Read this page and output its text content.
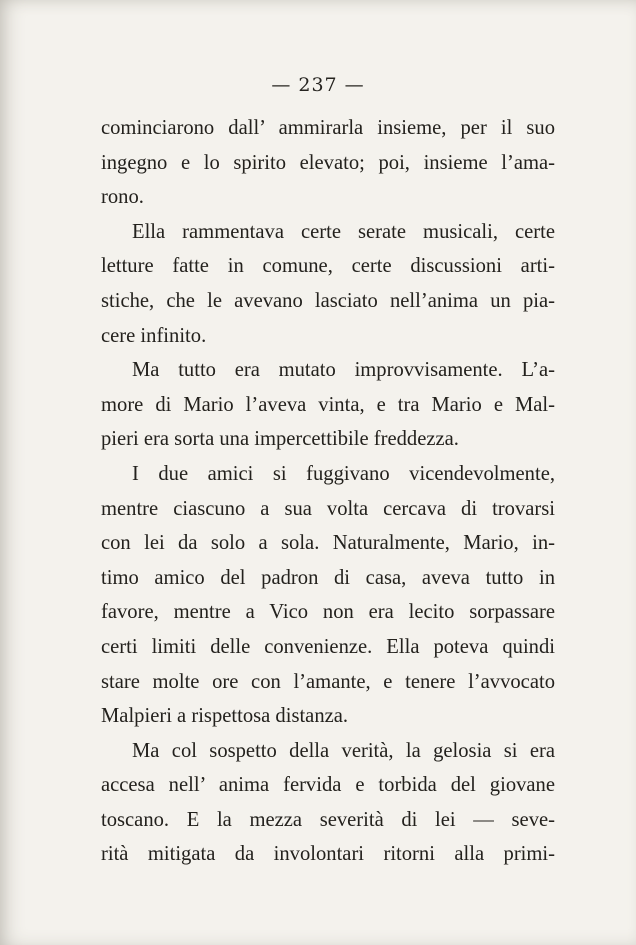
— 237 —
cominciarono dall’ ammirarla insieme, per il suo
ingegno e lo spirito elevato; poi, insieme l’ama-
rono.
Ella rammentava certe serate musicali, certe
letture fatte in comune, certe discussioni arti-
stiche, che le avevano lasciato nell’anima un pia-
cere infinito.
Ma tutto era mutato improvvisamente. L’a-
more di Mario l’aveva vinta, e tra Mario e Mal-
pieri era sorta una impercettibile freddezza.
I due amici si fuggivano vicendevolmente,
mentre ciascuno a sua volta cercava di trovarsi
con lei da solo a sola. Naturalmente, Mario, in-
timo amico del padron di casa, aveva tutto in
favore, mentre a Vico non era lecito sorpassare
certi limiti delle convenienze. Ella poteva quindi
stare molte ore con l’amante, e tenere l’avvocato
Malpieri a rispettosa distanza.
Ma col sospetto della verità, la gelosia si era
accesa nell’ anima fervida e torbida del giovane
toscano. E la mezza severità di lei — seve-
rità mitigata da involontari ritorni alla primi-
